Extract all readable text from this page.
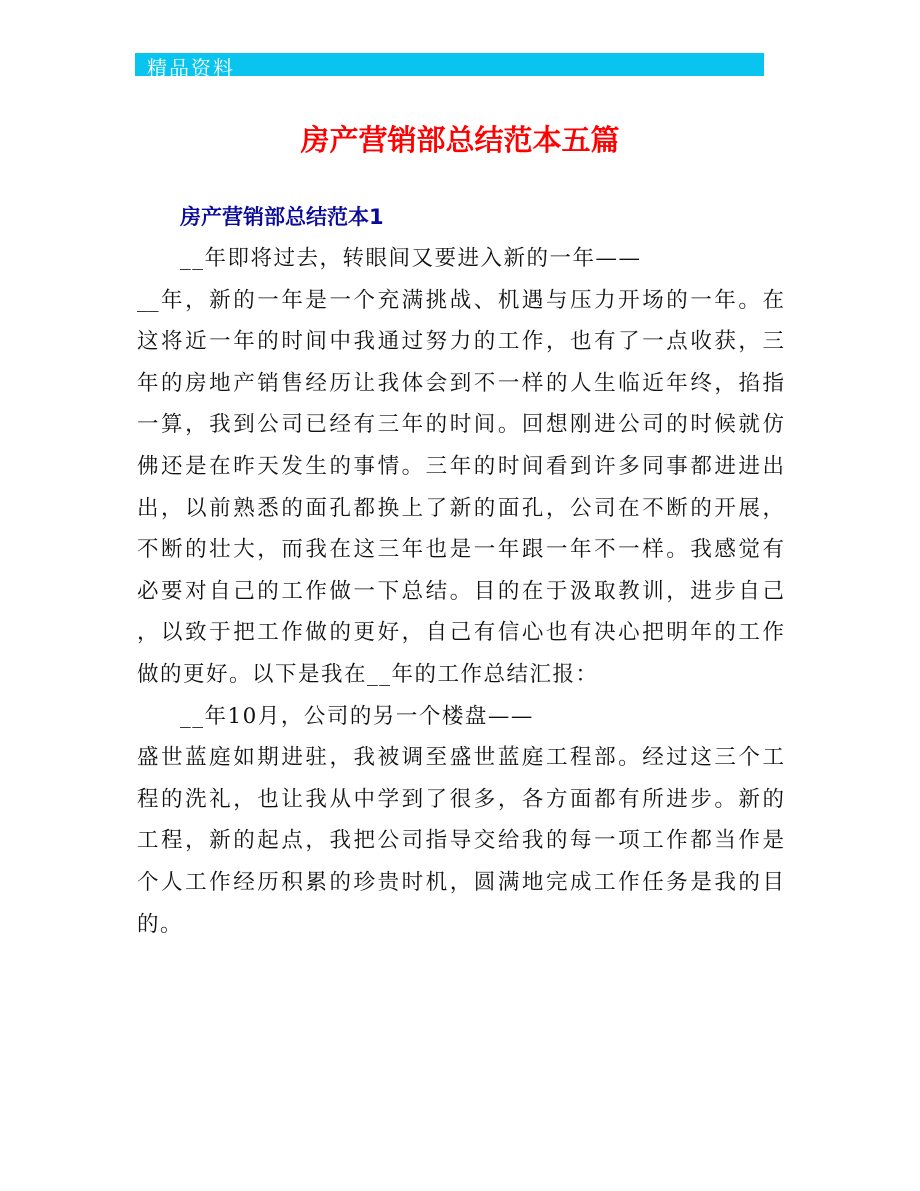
精品资料
房产营销部总结范本五篇
房产营销部总结范本1
__年即将过去，转眼间又要进入新的一年——
__年，新的一年是一个充满挑战、机遇与压力开场的一年。在
这将近一年的时间中我通过努力的工作，也有了一点收获，三
年的房地产销售经历让我体会到不一样的人生临近年终，掐指
一算，我到公司已经有三年的时间。回想刚进公司的时候就仿
佛还是在昨天发生的事情。三年的时间看到许多同事都进进出
出，以前熟悉的面孔都换上了新的面孔，公司在不断的开展，
不断的壮大，而我在这三年也是一年跟一年不一样。我感觉有
必要对自己的工作做一下总结。目的在于汲取教训，进步自己
，以致于把工作做的更好，自己有信心也有决心把明年的工作
做的更好。以下是我在__年的工作总结汇报：
__年10月，公司的另一个楼盘——
盛世蓝庭如期进驻，我被调至盛世蓝庭工程部。经过这三个工
程的洗礼，也让我从中学到了很多，各方面都有所进步。新的
工程，新的起点，我把公司指导交给我的每一项工作都当作是
个人工作经历积累的珍贵时机，圆满地完成工作任务是我的目
的。
